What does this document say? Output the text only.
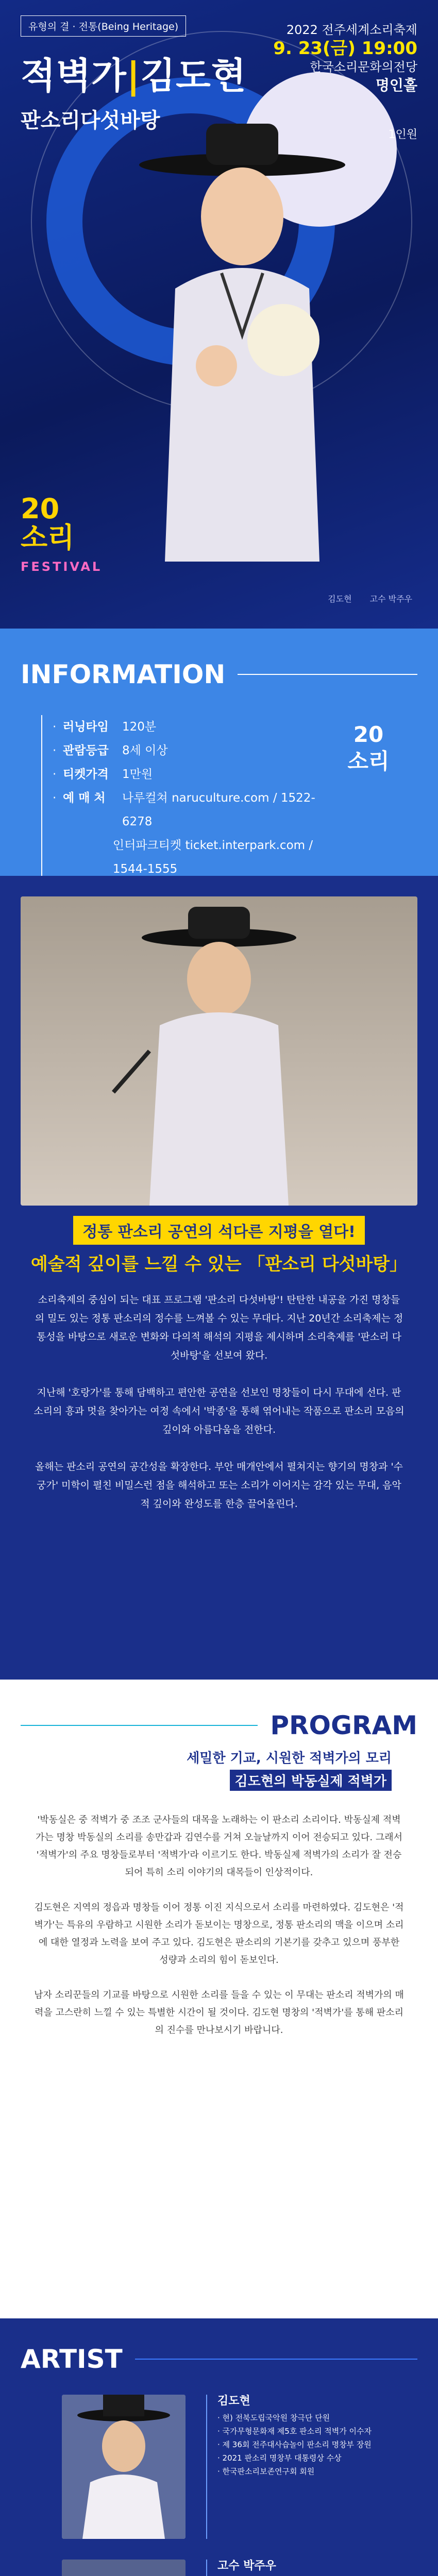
유형의 결 · 전통(Being Heritage)
적벽가|김도현
판소리다섯바탕
2022 전주세계소리축제
9. 23(금) 19:00
한국소리문화의전당
명인홀
1인원
20
소리
FESTIVAL
김도현 고수 박주우
INFORMATION
· 러닝타임	120분
· 관람등급	8세 이상
· 티켓가격	1만원
· 예 매 처	나루컬쳐 naruculture.com / 1522-6278
인터파크티켓 ticket.interpark.com / 1544-1555
20
소리
정통 판소리 공연의 석다른 지평을 열다!
예술적 깊이를 느낄 수 있는 「판소리 다섯바탕」

소리축제의 중심이 되는 대표 프로그램 '판소리 다섯바탕'! 탄탄한 내공을 가진 명창들의 밀도 있는 정통 판소리의 정수를 느껴볼 수 있는 무대다. 지난 20년간 소리축제는 정통성을 바탕으로 새로운 변화와 다의적 해석의 지평을 제시하며 소리축제를 '판소리 다섯바탕'을 선보여 왔다.

지난해 '호랑가'를 통해 담백하고 편안한 공연을 선보인 명창들이 다시 무대에 선다. 판소리의 흥과 멋을 찾아가는 여정 속에서 '박종'을 통해 엮어내는 작품으로 판소리 모음의 깊이와 아름다움을 전한다.

올해는 판소리 공연의 공간성을 확장한다. 부안 매개안에서 펼쳐지는 향기의 명창과 '수궁가' 미학이 펼친 비밀스런 점을 해석하고 또는 소리가 이어지는 감각 있는 무대, 음악적 깊이와 완성도를 한층 끌어올린다.

PROGRAM
세밀한 기교, 시원한 적벽가의 모리
김도현의 박동실제 적벽가

'박동실은 중 적벽가 중 조조 군사들의 대목을 노래하는 이 판소리 소리이다. 박동실제 적벽가는 명창 박동실의 소리를 송만갑과 김연수를 거쳐 오늘날까지 이어 전승되고 있다. 그래서 '적벽가'의 주요 명창들로부터 '적벽가'라 이르기도 한다. 박동실제 적벽가의 소리가 잘 전승되어 특히 소리 이야기의 대목들이 인상적이다.

김도현은 지역의 정읍과 명창들 이어 정통 이진 지식으로서 소리를 마련하였다. 김도현은 '적벽가'는 특유의 우람하고 시원한 소리가 돋보이는 명창으로, 정통 판소리의 맥을 이으며 소리에 대한 열정과 노력을 보여 주고 있다. 김도현은 판소리의 기본기를 갖추고 있으며 풍부한 성량과 소리의 힘이 돋보인다.

남자 소리꾼들의 기교를 바탕으로 시원한 소리를 들을 수 있는 이 무대는 판소리 적벽가의 매력을 고스란히 느낄 수 있는 특별한 시간이 될 것이다. 김도현 명창의 '적벽가'를 통해 판소리의 진수를 만나보시기 바랍니다.

ARTIST
김도현
· 현) 전북도립국악원 창극단 단원
· 국가무형문화재 제5호 판소리 적벽가 이수자
· 제 36회 전주대사습놀이 판소리 명창부 장원
· 2021 판소리 명창부 대통령상 수상
· 한국판소리보존연구회 회원
고수 박주우
